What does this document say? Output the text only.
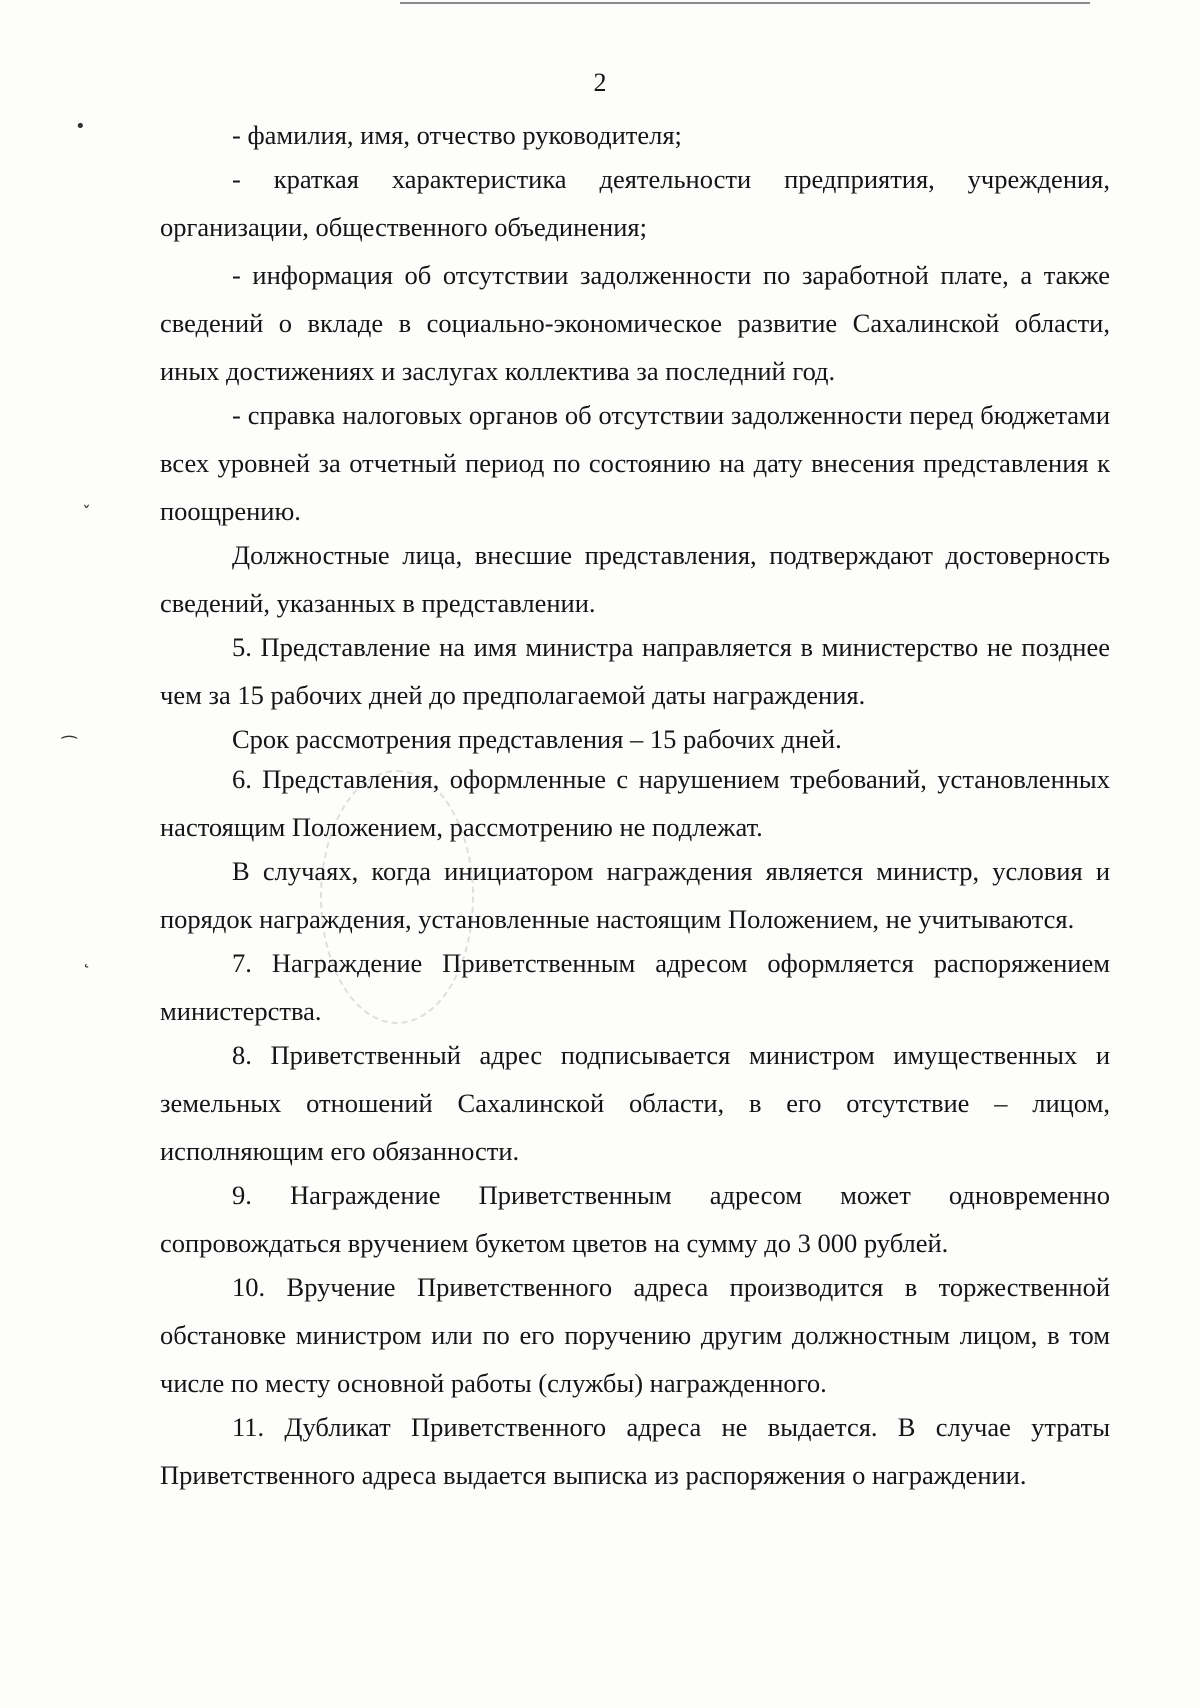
2
•
ˇ
⁀
˛

- фамилия, имя, отчество руководителя;

- краткая характеристика деятельности предприятия, учреждения, организации, общественного объединения;

- информация об отсутствии задолженности по заработной плате, а также сведений о вкладе в социально-экономическое развитие Сахалинской области, иных достижениях и заслугах коллектива за последний год.

- справка налоговых органов об отсутствии задолженности перед бюджетами всех уровней за отчетный период по состоянию на дату внесения представления к поощрению.

Должностные лица, внесшие представления, подтверждают достоверность сведений, указанных в представлении.

5. Представление на имя министра направляется в министерство не позднее чем за 15 рабочих дней до предполагаемой даты награждения.

Срок рассмотрения представления – 15 рабочих дней.

6. Представления, оформленные с нарушением требований, установленных настоящим Положением, рассмотрению не подлежат.

В случаях, когда инициатором награждения является министр, условия и порядок награждения, установленные настоящим Положением, не учитываются.

7. Награждение Приветственным адресом оформляется распоряжением министерства.

8. Приветственный адрес подписывается министром имущественных и земельных отношений Сахалинской области, в его отсутствие – лицом, исполняющим его обязанности.

9. Награждение Приветственным адресом может одновременно сопровождаться вручением букетом цветов на сумму до 3 000 рублей.

10. Вручение Приветственного адреса производится в торжественной обстановке министром или по его поручению другим должностным лицом, в том числе по месту основной работы (службы) награжденного.

11. Дубликат Приветственного адреса не выдается. В случае утраты Приветственного адреса выдается выписка из распоряжения о награждении.
